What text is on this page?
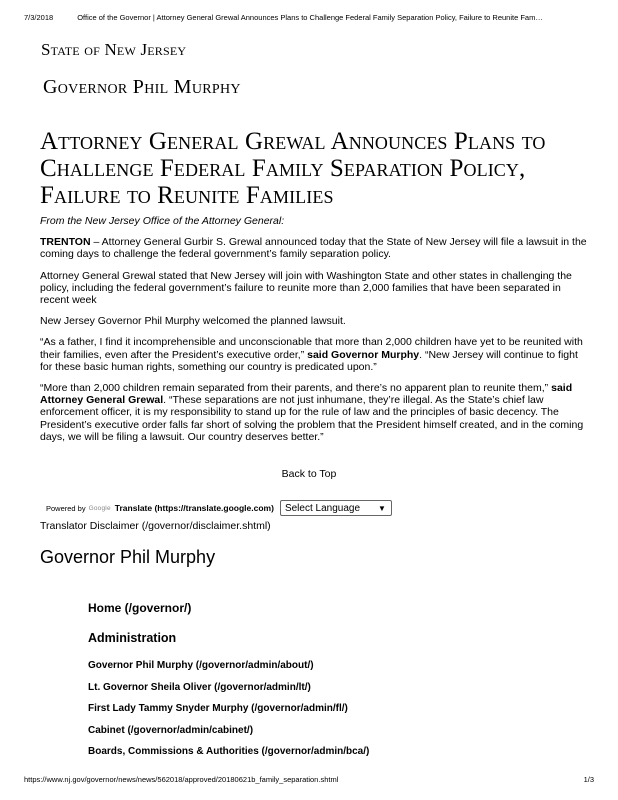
7/3/2018	Office of the Governor | Attorney General Grewal Announces Plans to Challenge Federal Family Separation Policy, Failure to Reunite Fam…
State of New Jersey
Governor Phil Murphy
Attorney General Grewal Announces Plans to Challenge Federal Family Separation Policy, Failure to Reunite Families

From the New Jersey Office of the Attorney General:

TRENTON – Attorney General Gurbir S. Grewal announced today that the State of New Jersey will file a lawsuit in the coming days to challenge the federal government’s family separation policy.

Attorney General Grewal stated that New Jersey will join with Washington State and other states in challenging the policy, including the federal government’s failure to reunite more than 2,000 families that have been separated in recent week

New Jersey Governor Phil Murphy welcomed the planned lawsuit.

“As a father, I find it incomprehensible and unconscionable that more than 2,000 children have yet to be reunited with their families, even after the President’s executive order,” said Governor Murphy. “New Jersey will continue to fight for these basic human rights, something our country is predicated upon.”

“More than 2,000 children remain separated from their parents, and there’s no apparent plan to reunite them,” said Attorney General Grewal. “These separations are not just inhumane, they’re illegal. As the State’s chief law enforcement officer, it is my responsibility to stand up for the rule of law and the principles of basic decency. The President’s executive order falls far short of solving the problem that the President himself created, and in the coming days, we will be filing a lawsuit. Our country deserves better.”

Back to Top
Powered by Google Translate (https://translate.google.com) Select Language ▼
Translator Disclaimer (/governor/disclaimer.shtml)
Governor Phil Murphy
Home (/governor/)
Administration
Governor Phil Murphy (/governor/admin/about/)
Lt. Governor Sheila Oliver (/governor/admin/lt/)
First Lady Tammy Snyder Murphy (/governor/admin/fl/)
Cabinet (/governor/admin/cabinet/)
Boards, Commissions & Authorities (/governor/admin/bca/)
https://www.nj.gov/governor/news/news/562018/approved/20180621b_family_separation.shtml	1/3
